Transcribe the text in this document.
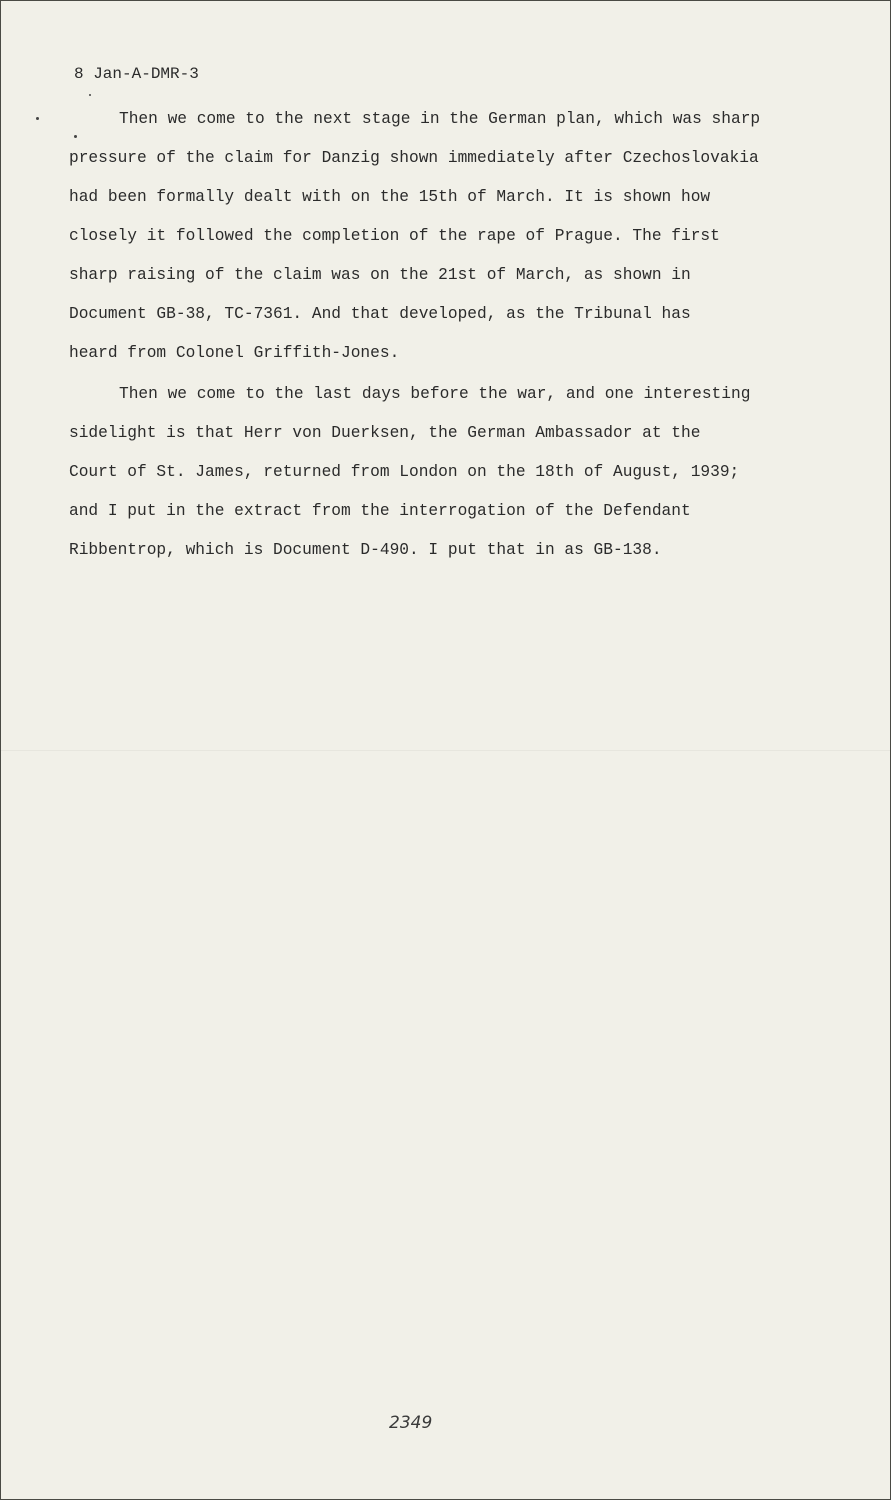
8 Jan-A-DMR-3
Then we come to the next stage in the German plan, which was sharp
pressure of the claim for Danzig shown immediately after Czechoslovakia
had been formally dealt with on the 15th of March. It is shown how
closely it followed the completion of the rape of Prague. The first
sharp raising of the claim was on the 21st of March, as shown in
Document GB-38, TC-7361. And that developed, as the Tribunal has
heard from Colonel Griffith-Jones.
Then we come to the last days before the war, and one interesting
sidelight is that Herr von Duerksen, the German Ambassador at the
Court of St. James, returned from London on the 18th of August, 1939;
and I put in the extract from the interrogation of the Defendant
Ribbentrop, which is Document D-490. I put that in as GB-138.
2349
